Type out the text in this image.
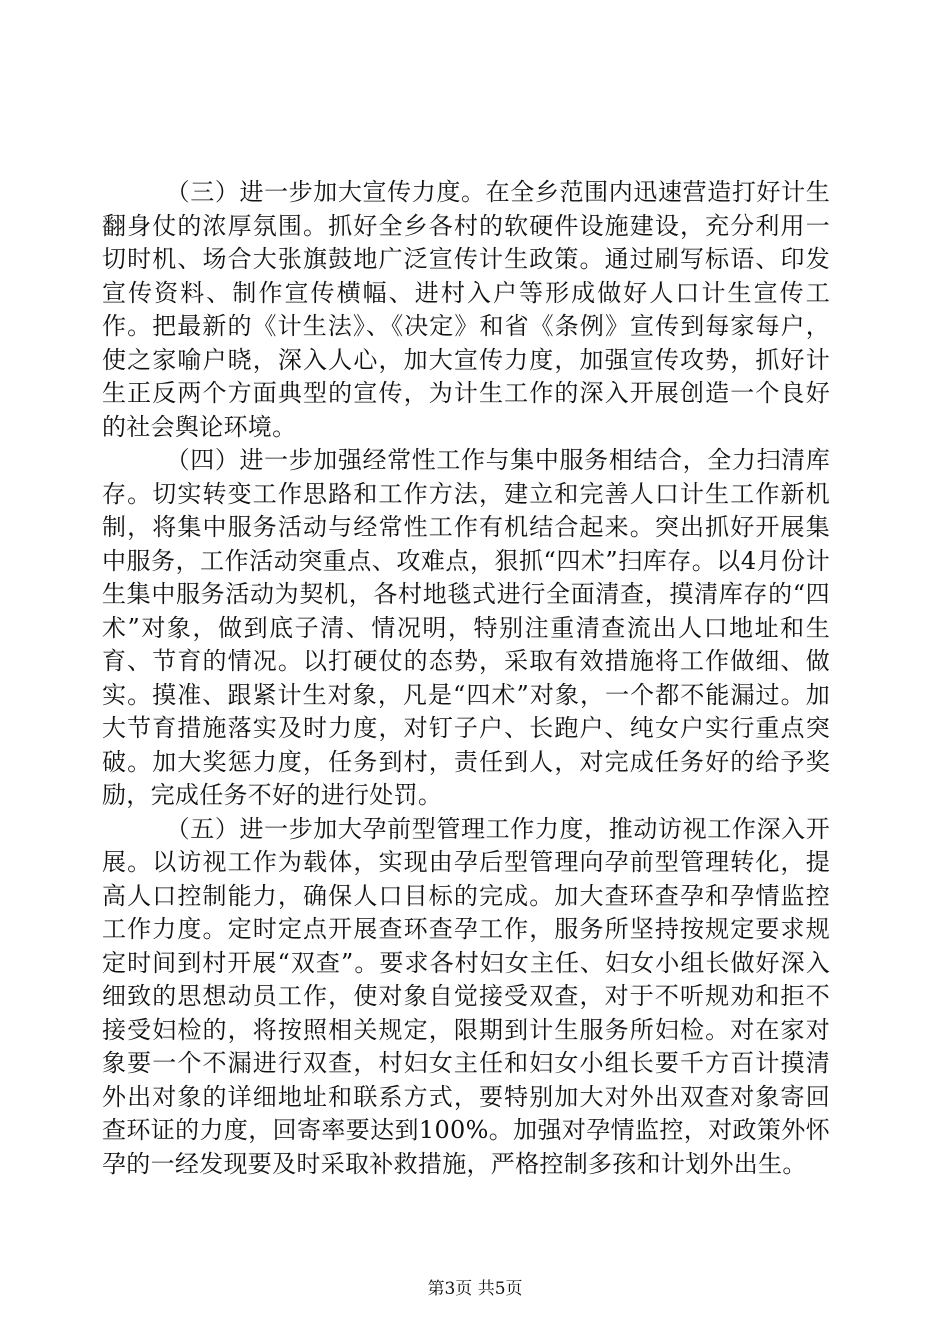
（三）进一步加大宣传力度。在全乡范围内迅速营造打好计生翻身仗的浓厚氛围。抓好全乡各村的软硬件设施建设，充分利用一切时机、场合大张旗鼓地广泛宣传计生政策。通过刷写标语、印发宣传资料、制作宣传横幅、进村入户等形成做好人口计生宣传工作。把最新的《计生法》、《决定》和省《条例》宣传到每家每户，使之家喻户晓，深入人心，加大宣传力度，加强宣传攻势，抓好计生正反两个方面典型的宣传，为计生工作的深入开展创造一个良好的社会舆论环境。

（四）进一步加强经常性工作与集中服务相结合，全力扫清库存。切实转变工作思路和工作方法，建立和完善人口计生工作新机制，将集中服务活动与经常性工作有机结合起来。突出抓好开展集中服务，工作活动突重点、攻难点，狠抓“四术”扫库存。以4月份计生集中服务活动为契机，各村地毯式进行全面清查，摸清库存的“四术”对象，做到底子清、情况明，特别注重清查流出人口地址和生育、节育的情况。以打硬仗的态势，采取有效措施将工作做细、做实。摸准、跟紧计生对象，凡是“四术”对象，一个都不能漏过。加大节育措施落实及时力度，对钉子户、长跑户、纯女户实行重点突破。加大奖惩力度，任务到村，责任到人，对完成任务好的给予奖励，完成任务不好的进行处罚。

（五）进一步加大孕前型管理工作力度，推动访视工作深入开展。以访视工作为载体，实现由孕后型管理向孕前型管理转化，提高人口控制能力，确保人口目标的完成。加大查环查孕和孕情监控工作力度。定时定点开展查环查孕工作，服务所坚持按规定要求规定时间到村开展“双查”。要求各村妇女主任、妇女小组长做好深入细致的思想动员工作，使对象自觉接受双查，对于不听规劝和拒不接受妇检的，将按照相关规定，限期到计生服务所妇检。对在家对象要一个不漏进行双查，村妇女主任和妇女小组长要千方百计摸清外出对象的详细地址和联系方式，要特别加大对外出双查对象寄回查环证的力度，回寄率要达到100%。加强对孕情监控，对政策外怀孕的一经发现要及时采取补救措施，严格控制多孩和计划外出生。

第3页 共5页
